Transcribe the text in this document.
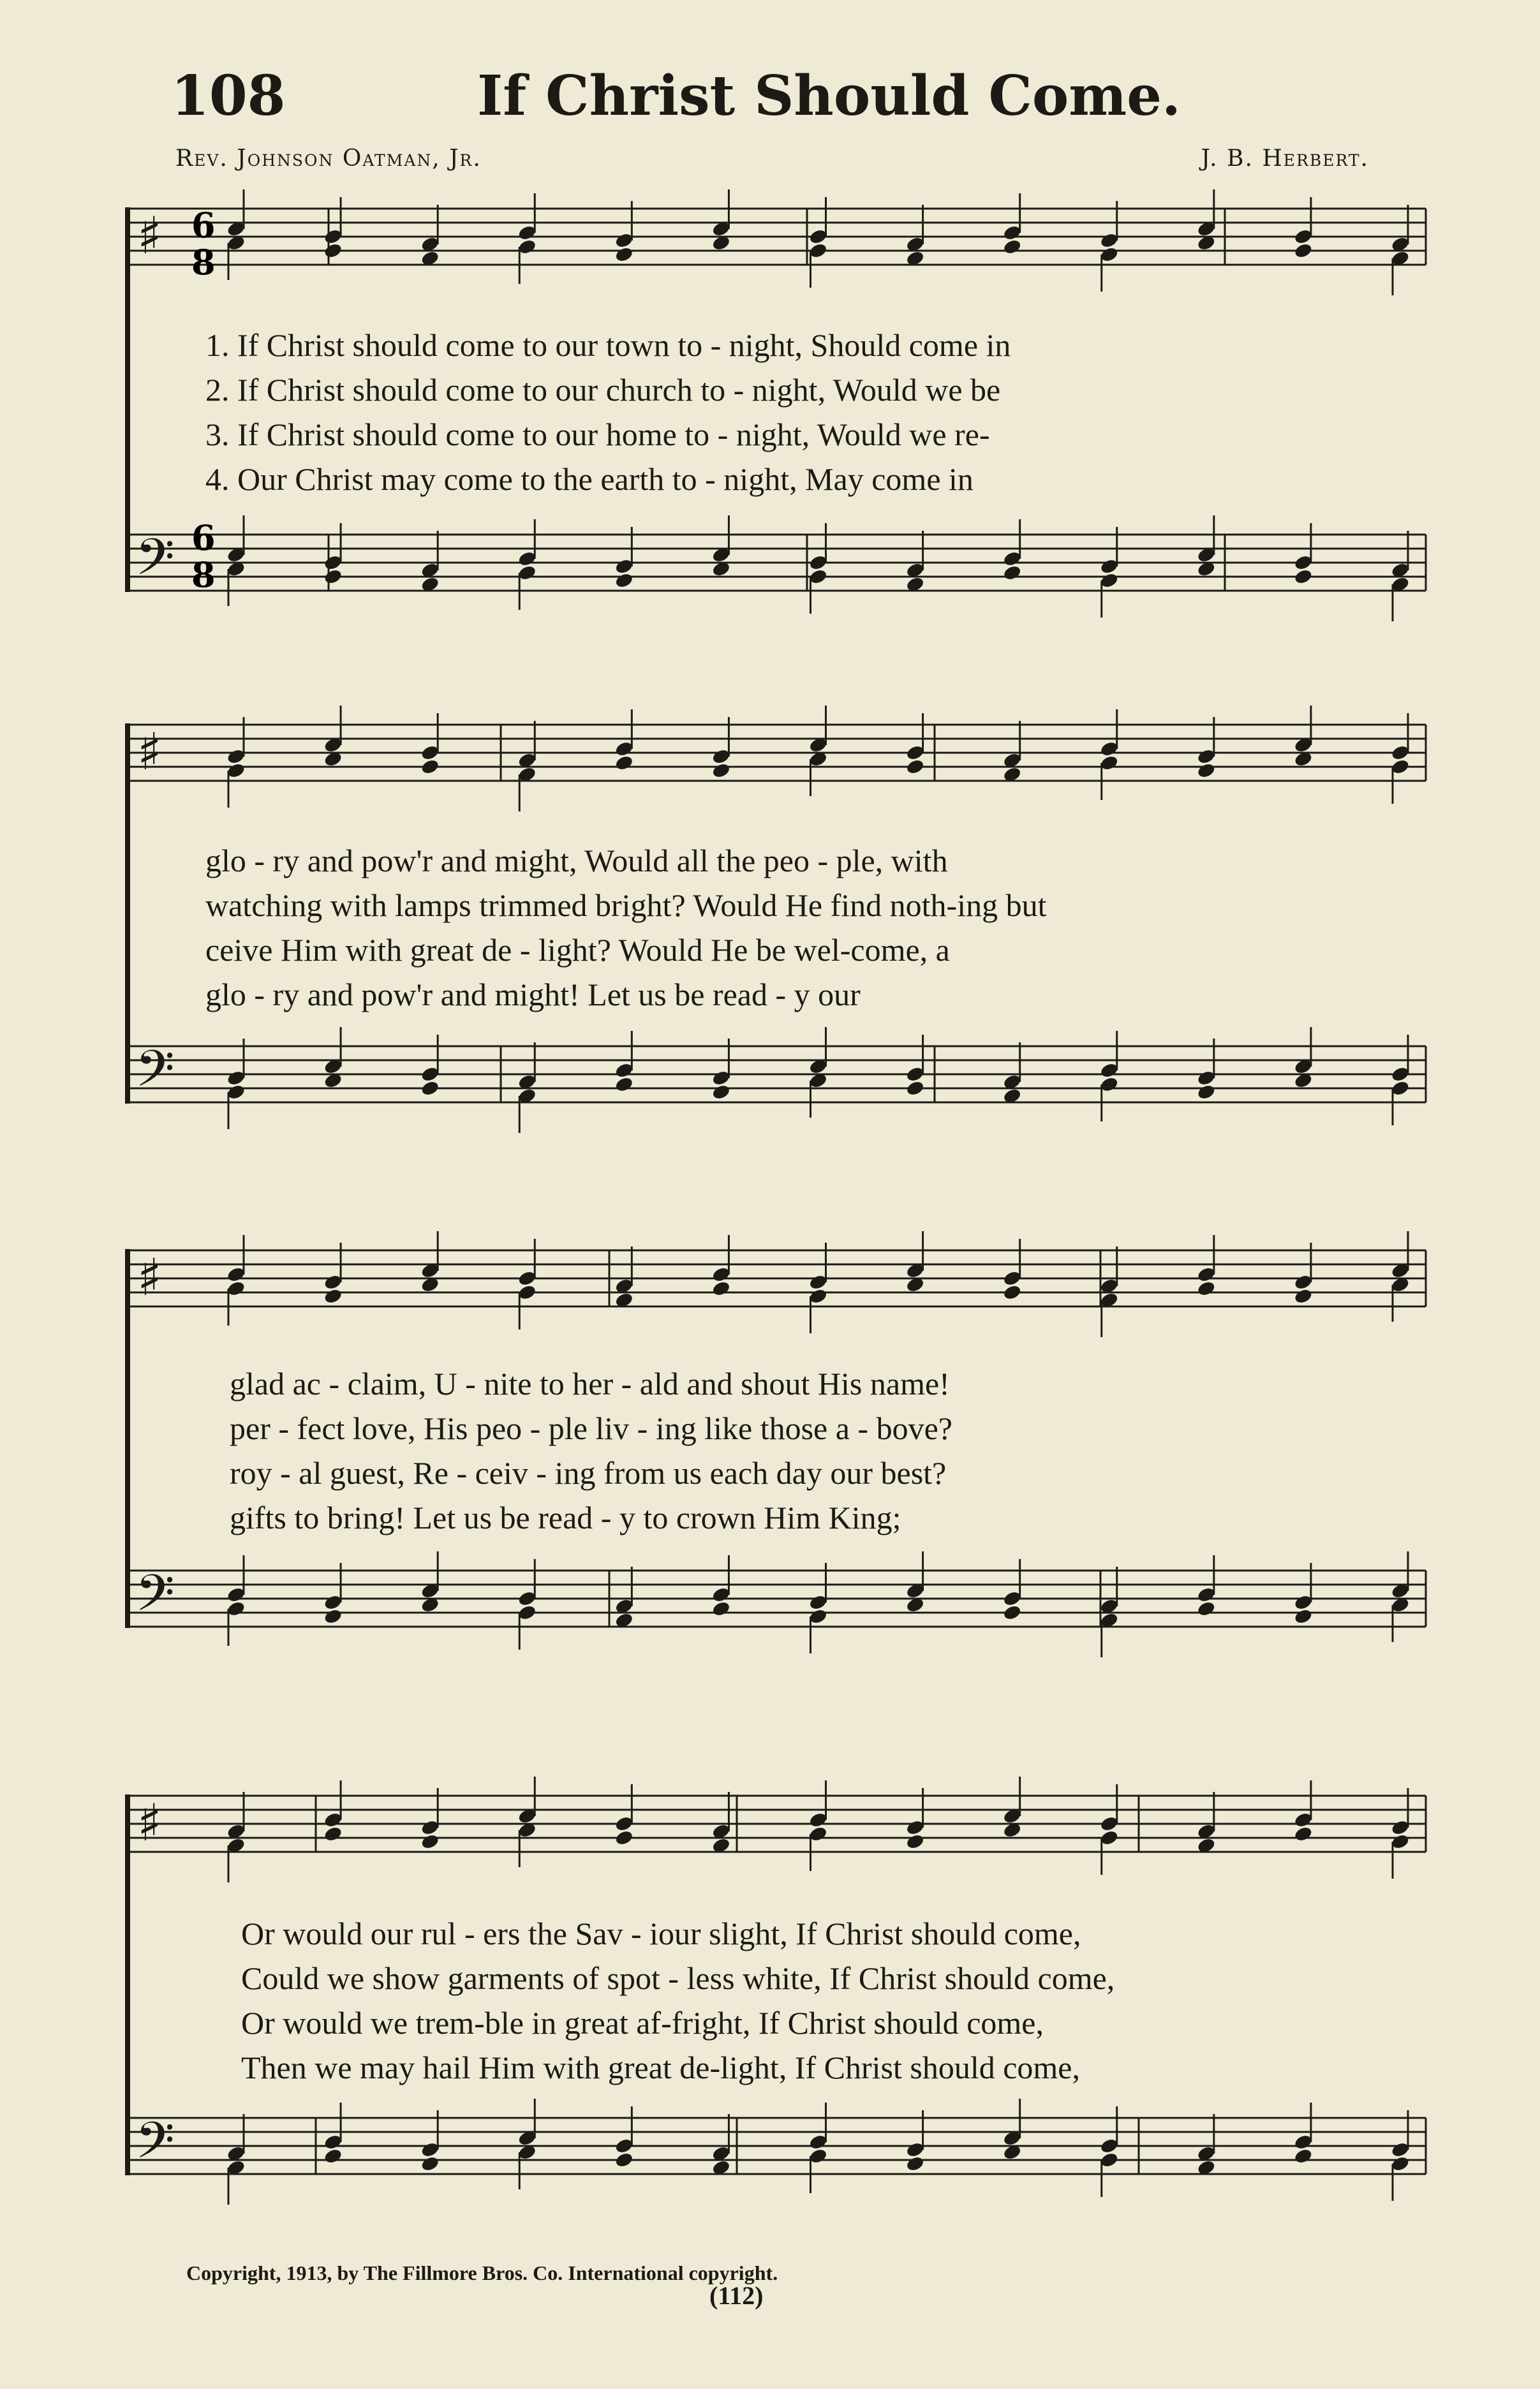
108	If Christ Should Come.
Rev. Johnson Oatman, Jr.	J. B. Herbert.
6
8
6
8
♯
𝄢
♯
𝄢
♯
𝄢
♯
𝄢
1. If Christ should come to our town to - night, Should come in
2. If Christ should come to our church to - night, Would we be
3. If Christ should come to our home to - night, Would we re-
4. Our Christ may come to the earth to - night, May come in
glo - ry and pow'r and might, Would all the peo - ple, with
watching with lamps trimmed bright? Would He find noth-ing but
ceive Him with great de - light? Would He be wel-come, a
glo - ry and pow'r and might! Let us be read - y our
glad ac - claim, U - nite to her - ald and shout His name!
per - fect love, His peo - ple liv - ing like those a - bove?
roy - al guest, Re - ceiv - ing from us each day our best?
gifts to bring! Let us be read - y to crown Him King;
Or would our rul - ers the Sav - iour slight, If Christ should come,
Could we show garments of spot - less white, If Christ should come,
Or would we trem-ble in great af-fright, If Christ should come,
Then we may hail Him with great de-light, If Christ should come,
Copyright, 1913, by The Fillmore Bros. Co. International copyright.
(112)
